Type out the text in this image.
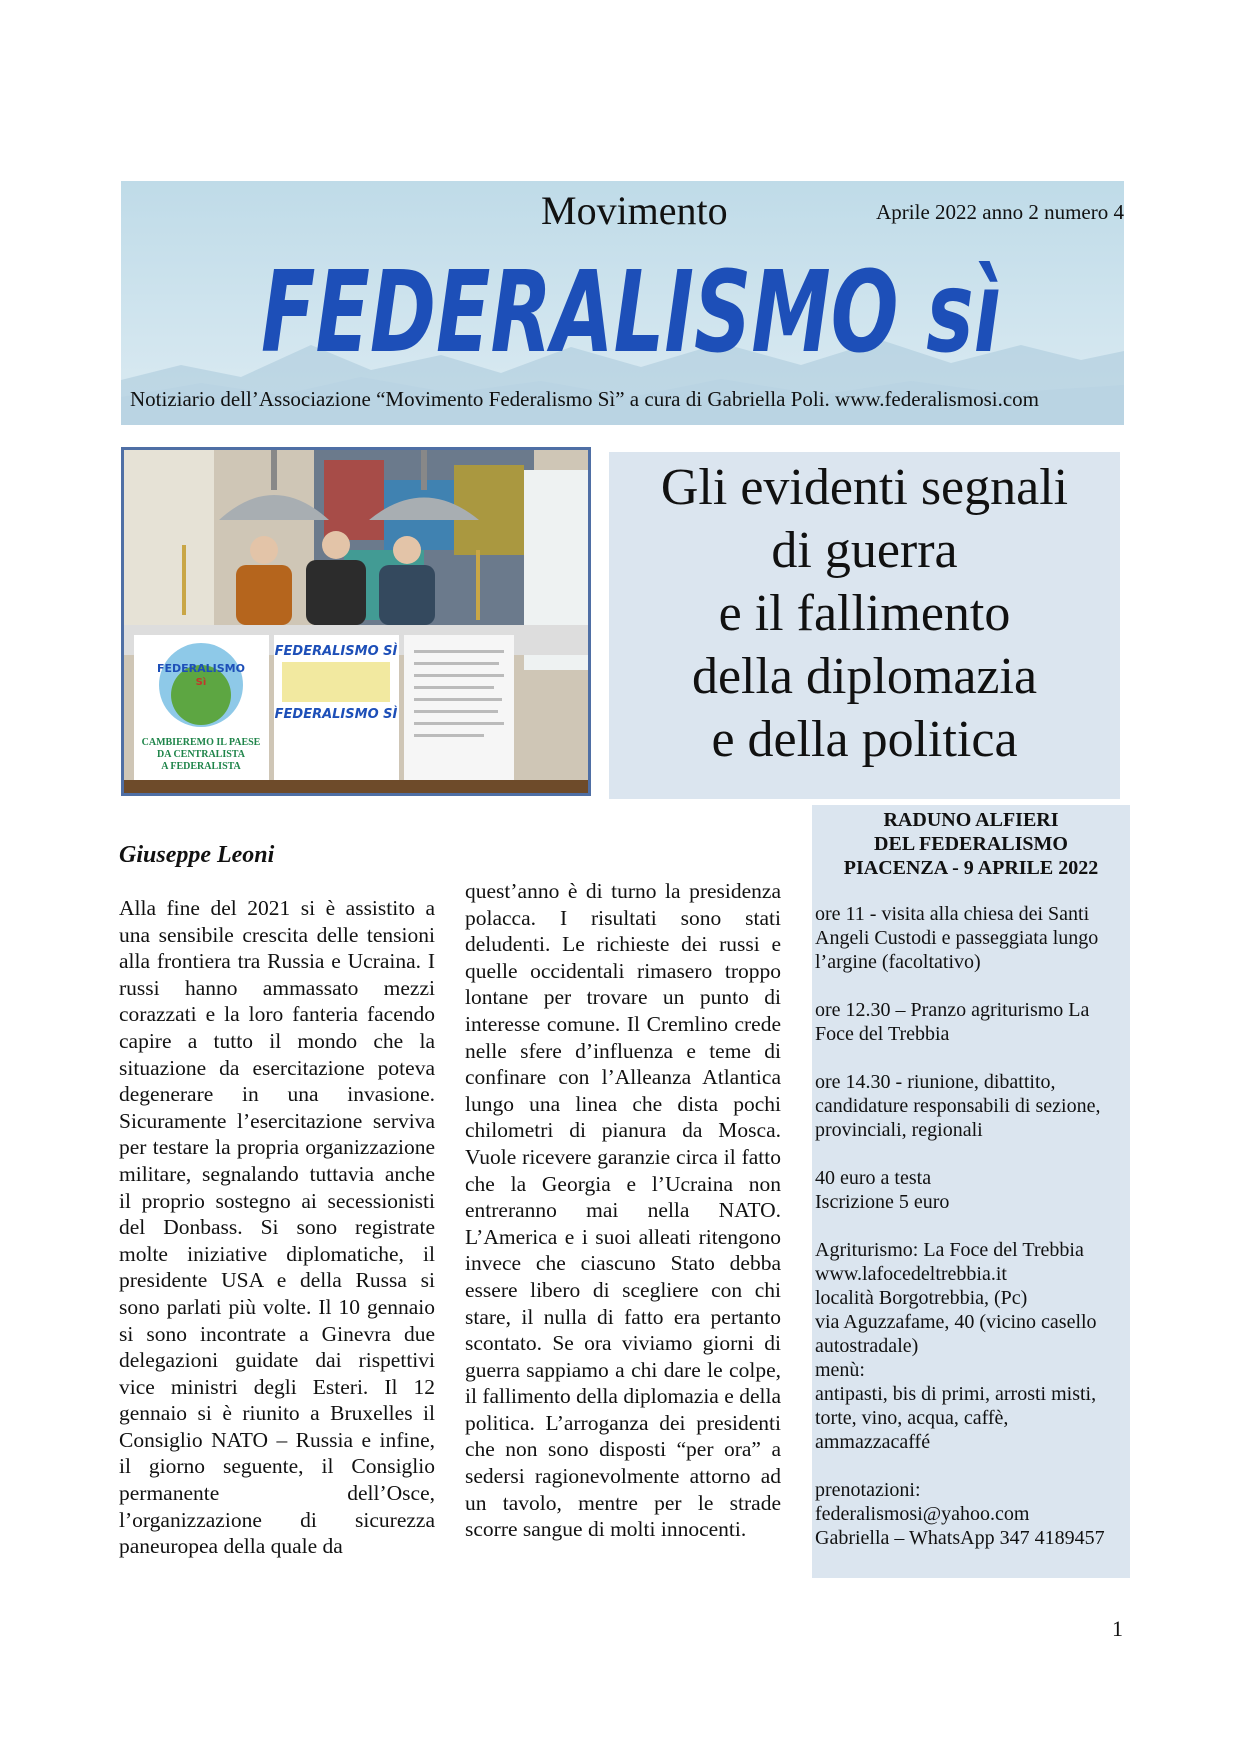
Movimento	Aprile 2022 anno 2 numero 4
FEDERALISMO sì
Notiziario dell’Associazione “Movimento Federalismo Sì” a cura di Gabriella Poli. www.federalismosi.com
FEDERALISMO
Sì
CAMBIEREMO IL PAESE
DA CENTRALISTA
A FEDERALISTA
FEDERALISMO SÌ
FEDERALISMO SÌ
Gli evidenti segnali
di guerra
e il fallimento
della diplomazia
e della politica
RADUNO ALFIERI
DEL FEDERALISMO
PIACENZA - 9 APRILE 2022
ore 11 - visita alla chiesa dei Santi
Angeli Custodi e passeggiata lungo
l’argine (facoltativo)
ore 12.30 – Pranzo agriturismo La
Foce del Trebbia
ore 14.30 - riunione, dibattito,
candidature responsabili di sezione,
provinciali, regionali
40 euro a testa
Iscrizione 5 euro
Agriturismo: La Foce del Trebbia
www.lafocedeltrebbia.it
località Borgotrebbia, (Pc)
via Aguzzafame, 40 (vicino casello
autostradale)
menù:
antipasti, bis di primi, arrosti misti,
torte, vino, acqua, caffè,
ammazzacaffé
prenotazioni:
federalismosi@yahoo.com
Gabriella – WhatsApp 347 4189457
Giuseppe Leoni
Alla fine del 2021 si è assistito a una sensibile crescita delle tensioni alla frontiera tra Russia e Ucraina. I russi hanno ammassato mezzi corazzati e la loro fanteria facendo capire a tutto il mondo che la situazione da esercitazione poteva degenerare in una invasione. Sicuramente l’esercitazione serviva per testare la propria organizzazione militare, segnalando tuttavia anche il proprio sostegno ai secessionisti del Donbass. Si sono registrate molte iniziative diplomatiche, il presidente USA e della Russa si sono parlati più volte. Il 10 gennaio si sono incontrate a Ginevra due delegazioni guidate dai rispettivi vice ministri degli Esteri. Il 12 gennaio si è riunito a Bruxelles il Consiglio NATO – Russia e infine, il giorno seguente, il Consiglio permanente dell’Osce, l’organizzazione di sicurezza paneuropea della quale da
quest’anno è di turno la presidenza polacca. I risultati sono stati deludenti. Le richieste dei russi e quelle occidentali rimasero troppo lontane per trovare un punto di interesse comune. Il Cremlino crede nelle sfere d’influenza e teme di confinare con l’Alleanza Atlantica lungo una linea che dista pochi chilometri di pianura da Mosca. Vuole ricevere garanzie circa il fatto che la Georgia e l’Ucraina non entreranno mai nella NATO. L’America e i suoi alleati ritengono invece che ciascuno Stato debba essere libero di scegliere con chi stare, il nulla di fatto era pertanto scontato. Se ora viviamo giorni di guerra sappiamo a chi dare le colpe, il fallimento della diplomazia e della politica. L’arroganza dei presidenti che non sono disposti “per ora” a sedersi ragionevolmente attorno ad un tavolo, mentre per le strade scorre sangue di molti innocenti.
1
